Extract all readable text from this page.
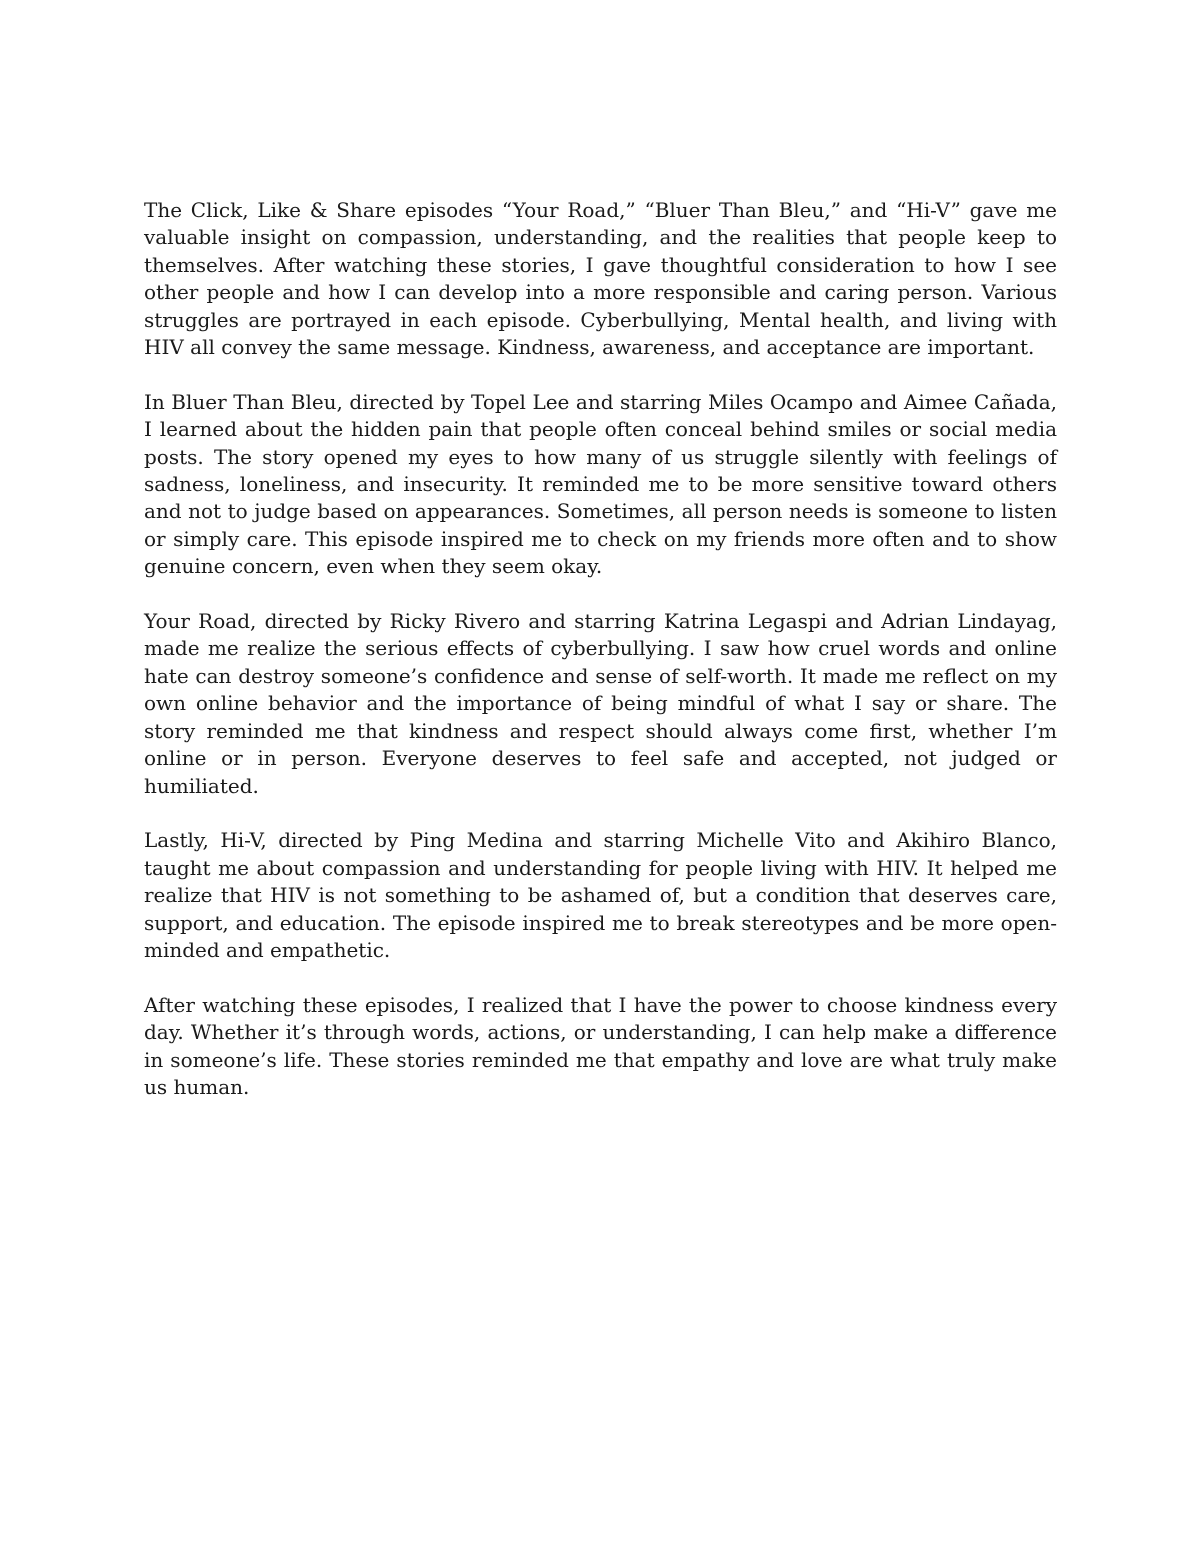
The Click, Like & Share episodes “Your Road,” “Bluer Than Bleu,” and “Hi-V” gave me valuable insight on compassion, understanding, and the realities that people keep to themselves. After watching these stories, I gave thoughtful consideration to how I see other people and how I can develop into a more responsible and caring person. Various struggles are portrayed in each episode. Cyberbullying, Mental health, and living with HIV all convey the same message. Kindness, awareness, and acceptance are important.

In Bluer Than Bleu, directed by Topel Lee and starring Miles Ocampo and Aimee Cañada, I learned about the hidden pain that people often conceal behind smiles or social media posts. The story opened my eyes to how many of us struggle silently with feelings of sadness, loneliness, and insecurity. It reminded me to be more sensitive toward others and not to judge based on appearances. Sometimes, all person needs is someone to listen or simply care. This episode inspired me to check on my friends more often and to show genuine concern, even when they seem okay.

Your Road, directed by Ricky Rivero and starring Katrina Legaspi and Adrian Lindayag, made me realize the serious effects of cyberbullying. I saw how cruel words and online hate can destroy someone’s confidence and sense of self-worth. It made me reflect on my own online behavior and the importance of being mindful of what I say or share. The story reminded me that kindness and respect should always come first, whether I’m online or in person. Everyone deserves to feel safe and accepted, not judged or humiliated.

Lastly, Hi-V, directed by Ping Medina and starring Michelle Vito and Akihiro Blanco, taught me about compassion and understanding for people living with HIV. It helped me realize that HIV is not something to be ashamed of, but a condition that deserves care, support, and education. The episode inspired me to break stereotypes and be more open-minded and empathetic.

After watching these episodes, I realized that I have the power to choose kindness every day. Whether it’s through words, actions, or understanding, I can help make a difference in someone’s life. These stories reminded me that empathy and love are what truly make us human.
